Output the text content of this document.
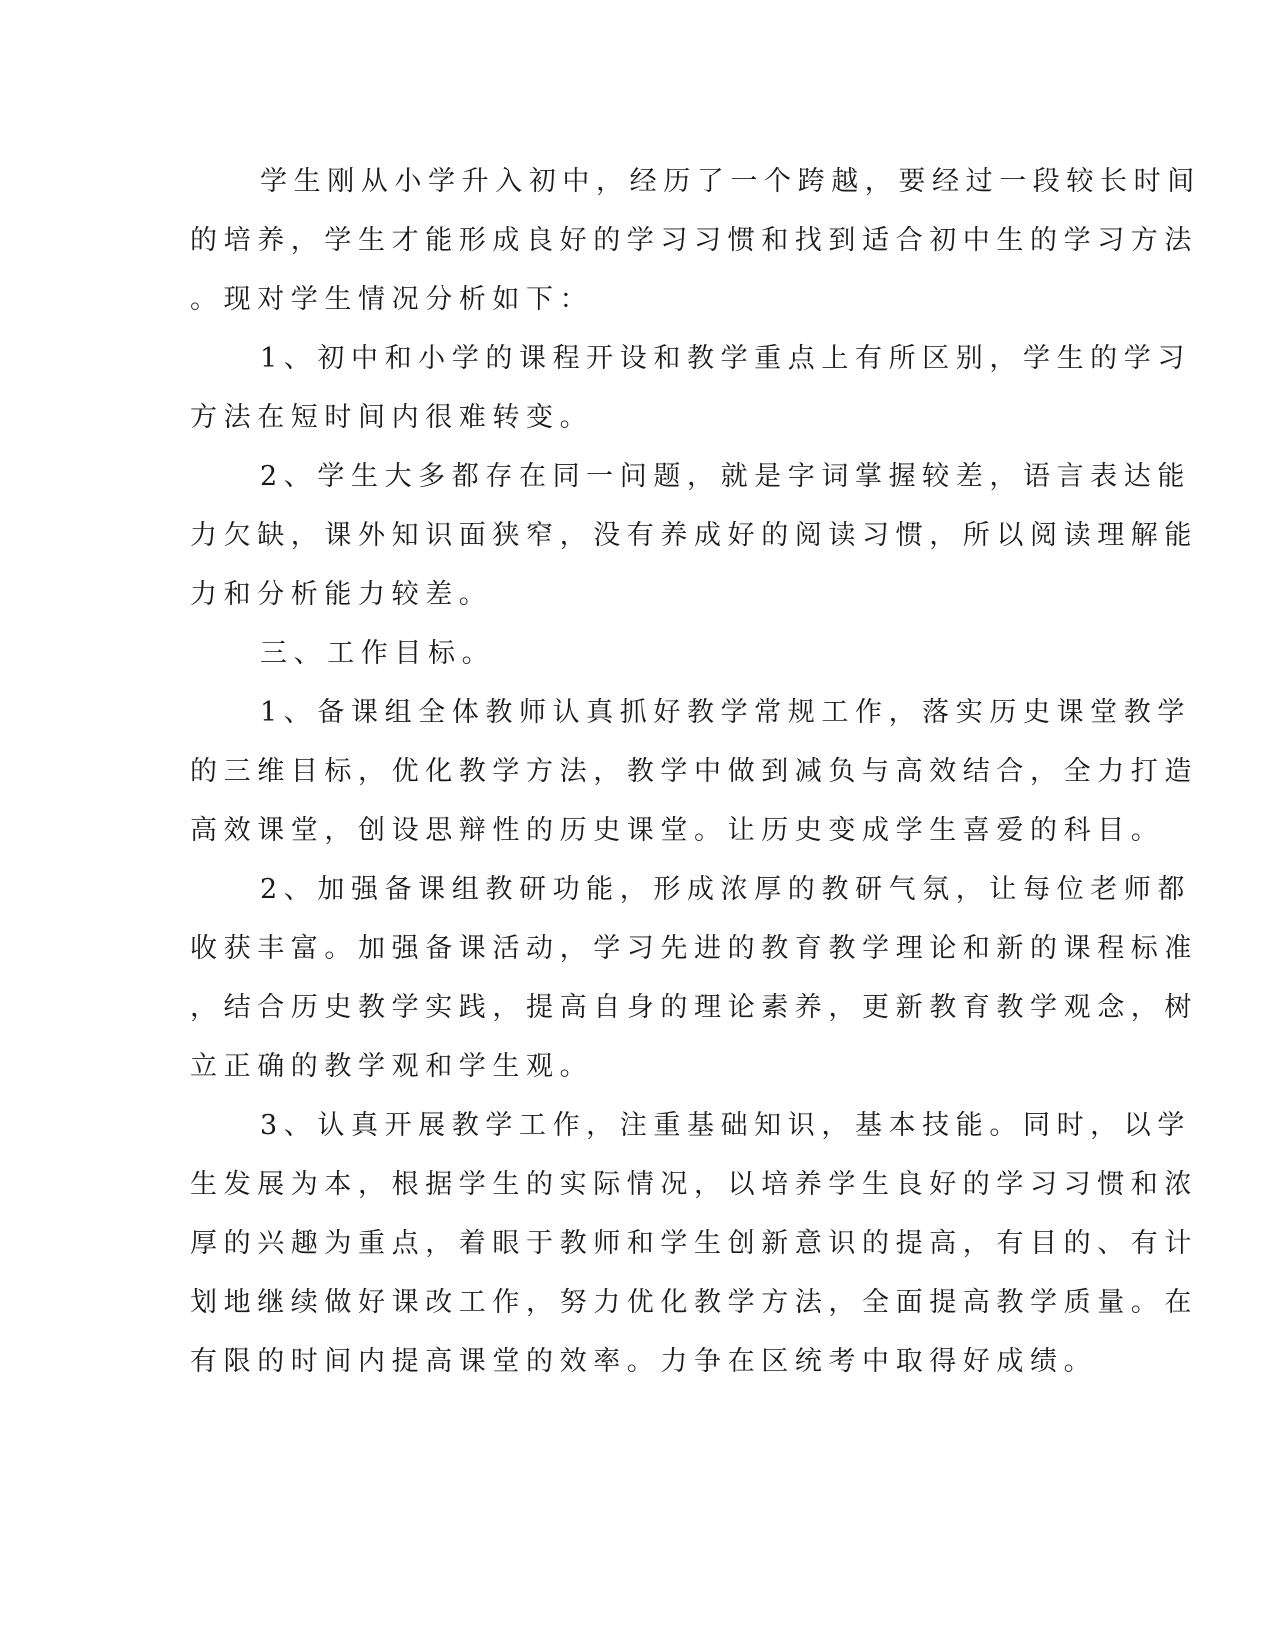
学生刚从小学升入初中，经历了一个跨越，要经过一段较长时间
的培养，学生才能形成良好的学习习惯和找到适合初中生的学习方法
。现对学生情况分析如下：
1、初中和小学的课程开设和教学重点上有所区别，学生的学习
方法在短时间内很难转变。
2、学生大多都存在同一问题，就是字词掌握较差，语言表达能
力欠缺，课外知识面狭窄，没有养成好的阅读习惯，所以阅读理解能
力和分析能力较差。
三、工作目标。
1、备课组全体教师认真抓好教学常规工作，落实历史课堂教学
的三维目标，优化教学方法，教学中做到减负与高效结合，全力打造
高效课堂，创设思辩性的历史课堂。让历史变成学生喜爱的科目。
2、加强备课组教研功能，形成浓厚的教研气氛，让每位老师都
收获丰富。加强备课活动，学习先进的教育教学理论和新的课程标准
，结合历史教学实践，提高自身的理论素养，更新教育教学观念，树
立正确的教学观和学生观。
3、认真开展教学工作，注重基础知识，基本技能。同时，以学
生发展为本，根据学生的实际情况，以培养学生良好的学习习惯和浓
厚的兴趣为重点，着眼于教师和学生创新意识的提高，有目的、有计
划地继续做好课改工作，努力优化教学方法，全面提高教学质量。在
有限的时间内提高课堂的效率。力争在区统考中取得好成绩。
